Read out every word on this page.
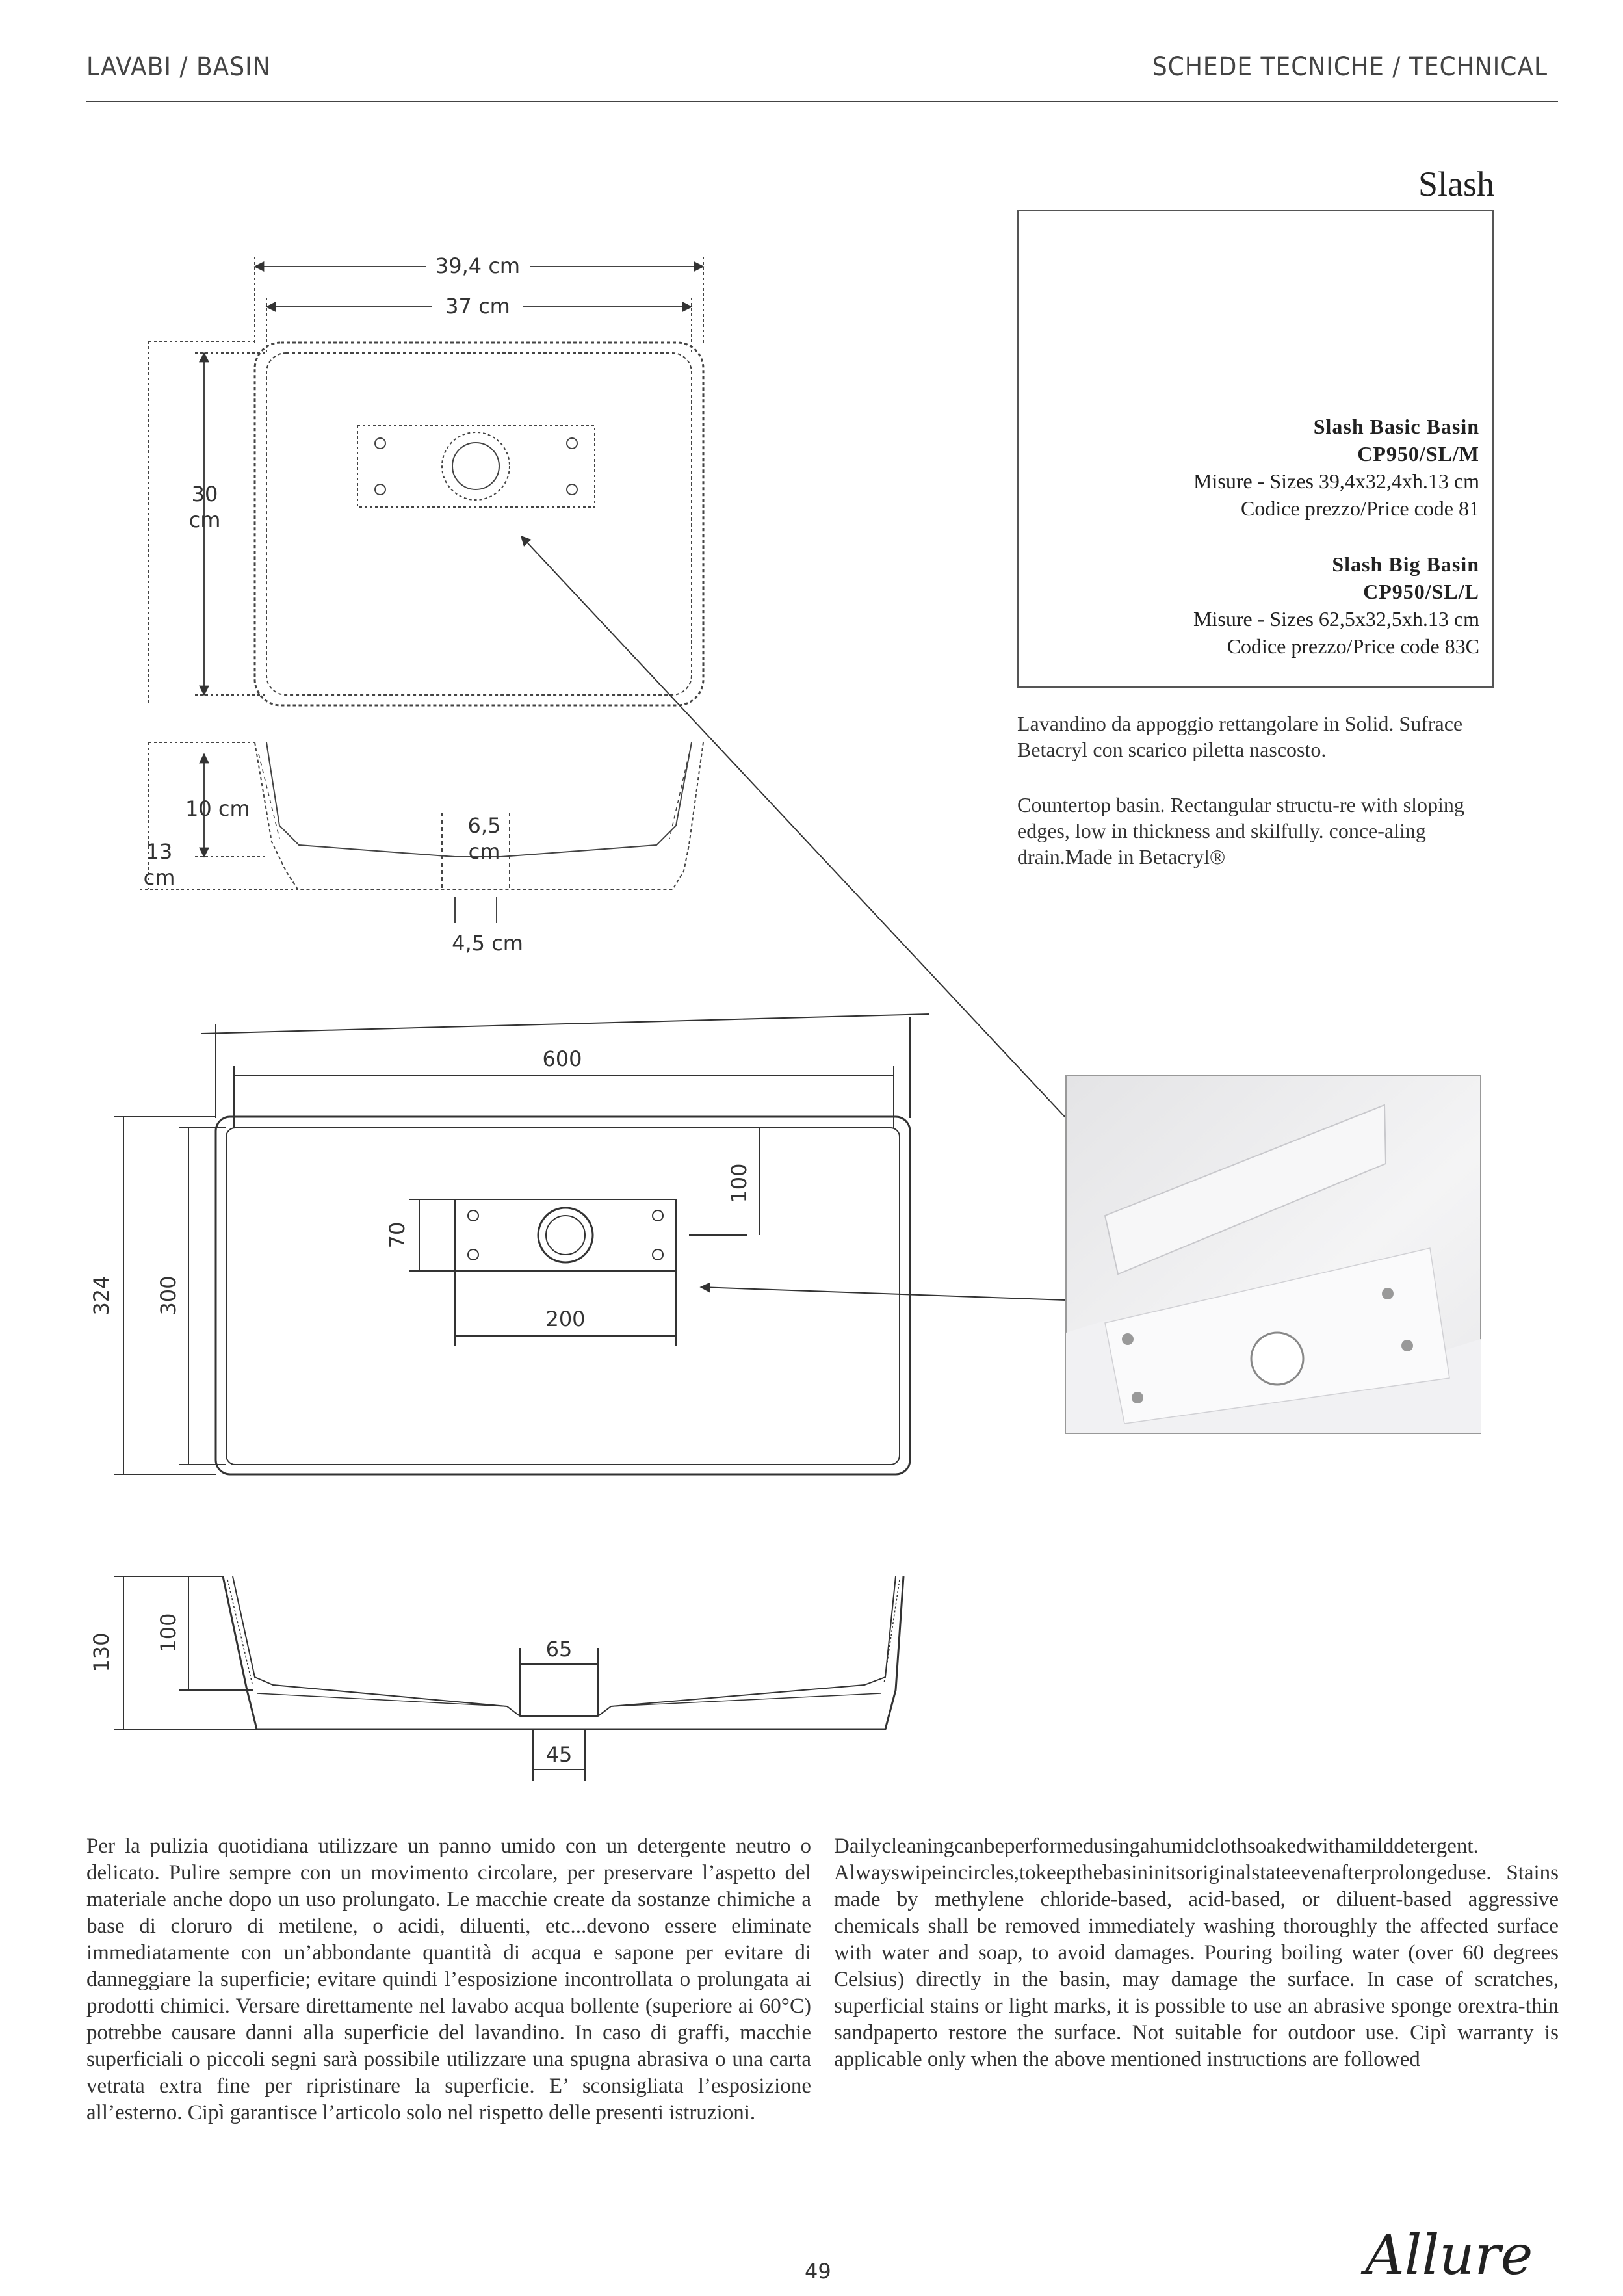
LAVABI / BASIN	SCHEDE TECNICHE / TECHNICAL
Slash
Slash Basic Basin
CP950/SL/M
Misure - Sizes 39,4x32,4xh.13 cm
Codice prezzo/Price code 81
Slash Big Basin
CP950/SL/L
Misure - Sizes 62,5x32,5xh.13 cm
Codice prezzo/Price code 83C
Lavandino da appoggio rettangolare in Solid. Sufrace Betacryl con scarico piletta nascosto.
Countertop basin. Rectangular structu-re with sloping edges, low in thickness and skilfully. conce-aling drain.Made in Betacryl®
39,4 cm
37 cm
30 cm
10 cm
13 cm
6,5 cm
4,5 cm
600
324 300
70
100
200
130 100	65
45
Per la pulizia quotidiana utilizzare un panno umido con un detergente neutro o delicato. Pulire sempre con un movimento circolare, per preservare l’aspetto del materiale anche dopo un uso prolungato. Le macchie create da sostanze chimiche a base di cloruro di metilene, o acidi, diluenti, etc...devono essere eliminate immediatamente con un’abbondante quantità di acqua e sapone per evitare di danneggiare la superficie; evitare quindi l’esposizione incontrollata o prolungata ai prodotti chimici. Versare direttamente nel lavabo acqua bollente (superiore ai 60°C) potrebbe causare danni alla superficie del lavandino. In caso di graffi, macchie superficiali o piccoli segni sarà possibile utilizzare una spugna abrasiva o una carta vetrata extra fine per ripristinare la superficie. E’ sconsigliata l’esposizione all’esterno. Cipì garantisce l’articolo solo nel rispetto delle presenti istruzioni.
Dailycleaningcanbeperformedusingahumidclothsoakedwithamilddetergent. Alwayswipeincircles,tokeepthebasininitsoriginalstateevenafterprolongeduse. Stains made by methylene chloride-based, acid-based, or diluent-based aggressive chemicals shall be removed immediately washing thoroughly the affected surface with water and soap, to avoid damages. Pouring boiling water (over 60 degrees Celsius) directly in the basin, may damage the surface. In case of scratches, superficial stains or light marks, it is possible to use an abrasive sponge orextra-thin sandpaperto restore the surface. Not suitable for outdoor use. Cipì warranty is applicable only when the above mentioned instructions are followed
49	Allure
